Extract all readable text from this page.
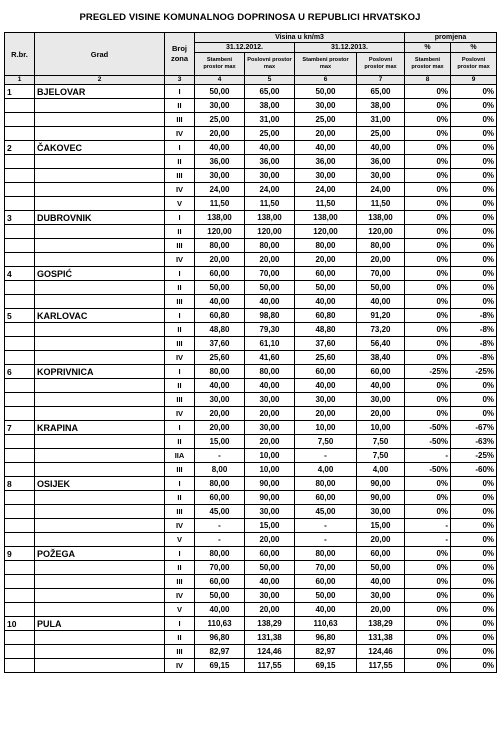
PREGLED VISINE KOMUNALNOG DOPRINOSA U REPUBLICI HRVATSKOJ
R.br.	Grad	Broj zona	Visina u kn/m3				promjena	
			31.12.2012.		31.12.2013.		%	%
			Stambeni prostor max	Poslovni prostor max	Stambeni prostor max	Poslovni prostor max	Stambeni prostor max	Poslovni prostor max
1	2	3	4	5	6	7	8	9
1	BJELOVAR	I	50,00	65,00	50,00	65,00	0%	0%
		II	30,00	38,00	30,00	38,00	0%	0%
		III	25,00	31,00	25,00	31,00	0%	0%
		IV	20,00	25,00	20,00	25,00	0%	0%
2	ČAKOVEC	I	40,00	40,00	40,00	40,00	0%	0%
		II	36,00	36,00	36,00	36,00	0%	0%
		III	30,00	30,00	30,00	30,00	0%	0%
		IV	24,00	24,00	24,00	24,00	0%	0%
		V	11,50	11,50	11,50	11,50	0%	0%
3	DUBROVNIK	I	138,00	138,00	138,00	138,00	0%	0%
		II	120,00	120,00	120,00	120,00	0%	0%
		III	80,00	80,00	80,00	80,00	0%	0%
		IV	20,00	20,00	20,00	20,00	0%	0%
4	GOSPIĆ	I	60,00	70,00	60,00	70,00	0%	0%
		II	50,00	50,00	50,00	50,00	0%	0%
		III	40,00	40,00	40,00	40,00	0%	0%
5	KARLOVAC	I	60,80	98,80	60,80	91,20	0%	-8%
		II	48,80	79,30	48,80	73,20	0%	-8%
		III	37,60	61,10	37,60	56,40	0%	-8%
		IV	25,60	41,60	25,60	38,40	0%	-8%
6	KOPRIVNICA	I	80,00	80,00	60,00	60,00	-25%	-25%
		II	40,00	40,00	40,00	40,00	0%	0%
		III	30,00	30,00	30,00	30,00	0%	0%
		IV	20,00	20,00	20,00	20,00	0%	0%
7	KRAPINA	I	20,00	30,00	10,00	10,00	-50%	-67%
		II	15,00	20,00	7,50	7,50	-50%	-63%
		IIA	-	10,00	-	7,50	-	-25%
		III	8,00	10,00	4,00	4,00	-50%	-60%
8	OSIJEK	I	80,00	90,00	80,00	90,00	0%	0%
		II	60,00	90,00	60,00	90,00	0%	0%
		III	45,00	30,00	45,00	30,00	0%	0%
		IV	-	15,00	-	15,00	-	0%
		V	-	20,00	-	20,00	-	0%
9	POŽEGA	I	80,00	60,00	80,00	60,00	0%	0%
		II	70,00	50,00	70,00	50,00	0%	0%
		III	60,00	40,00	60,00	40,00	0%	0%
		IV	50,00	30,00	50,00	30,00	0%	0%
		V	40,00	20,00	40,00	20,00	0%	0%
10	PULA	I	110,63	138,29	110,63	138,29	0%	0%
		II	96,80	131,38	96,80	131,38	0%	0%
		III	82,97	124,46	82,97	124,46	0%	0%
		IV	69,15	117,55	69,15	117,55	0%	0%
